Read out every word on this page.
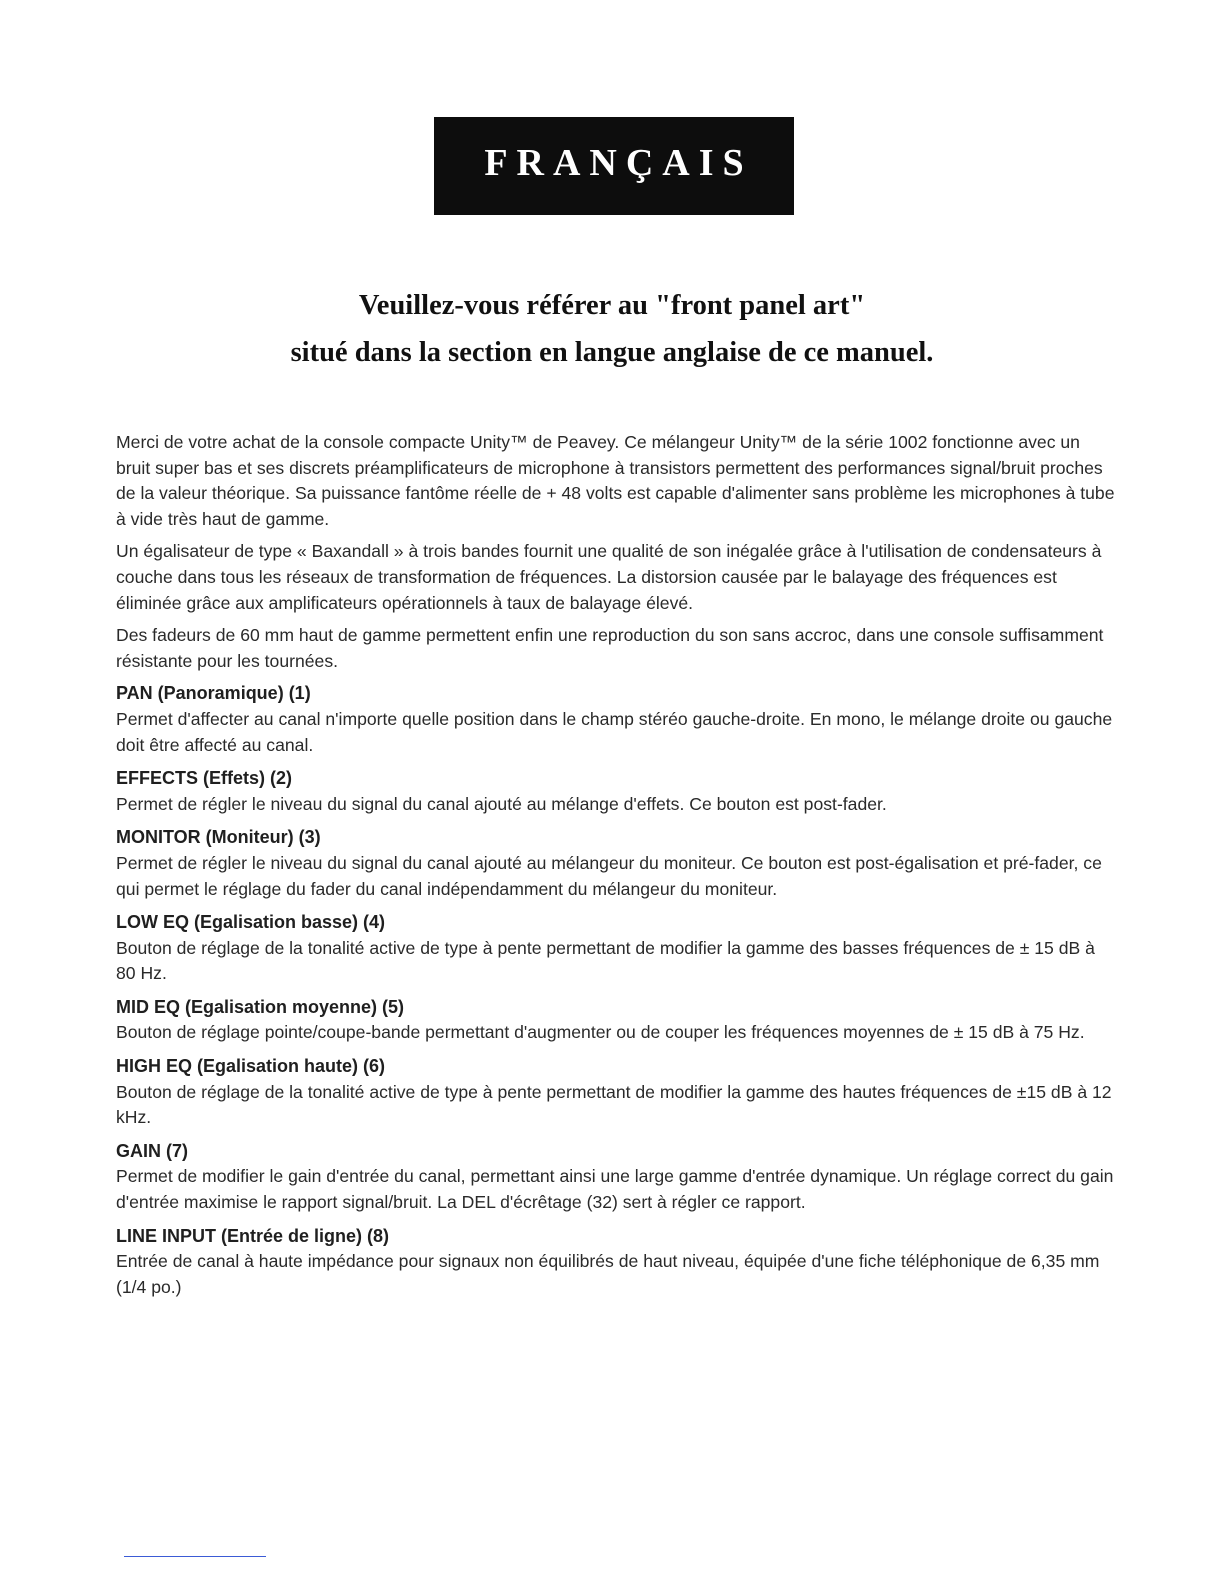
FRANÇAIS
Veuillez-vous référer au "front panel art"
situé dans la section en langue anglaise de ce manuel.

Merci de votre achat de la console compacte Unity™ de Peavey. Ce mélangeur Unity™ de la série 1002 fonctionne avec un bruit super bas et ses discrets préamplificateurs de microphone à transistors permettent des performances signal/bruit proches de la valeur théorique. Sa puissance fantôme réelle de + 48 volts est capable d'alimenter sans problème les microphones à tube à vide très haut de gamme.

Un égalisateur de type « Baxandall » à trois bandes fournit une qualité de son inégalée grâce à l'utilisation de condensateurs à couche dans tous les réseaux de transformation de fréquences. La distorsion causée par le balayage des fréquences est éliminée grâce aux amplificateurs opérationnels à taux de balayage élevé.

Des fadeurs de 60 mm haut de gamme permettent enfin une reproduction du son sans accroc, dans une console suffisamment résistante pour les tournées.

PAN (Panoramique) (1)

Permet d'affecter au canal n'importe quelle position dans le champ stéréo gauche-droite. En mono, le mélange droite ou gauche doit être affecté au canal.

EFFECTS (Effets) (2)

Permet de régler le niveau du signal du canal ajouté au mélange d'effets. Ce bouton est post-fader.

MONITOR (Moniteur) (3)

Permet de régler le niveau du signal du canal ajouté au mélangeur du moniteur. Ce bouton est post-égalisation et pré-fader, ce qui permet le réglage du fader du canal indépendamment du mélangeur du moniteur.

LOW EQ (Egalisation basse) (4)

Bouton de réglage de la tonalité active de type à pente permettant de modifier la gamme des basses fréquences de ± 15 dB à 80 Hz.

MID EQ (Egalisation moyenne) (5)

Bouton de réglage pointe/coupe-bande permettant d'augmenter ou de couper les fréquences moyennes de ± 15 dB à 75 Hz.

HIGH EQ (Egalisation haute) (6)

Bouton de réglage de la tonalité active de type à pente permettant de modifier la gamme des hautes fréquences de ±15 dB à 12 kHz.

GAIN (7)

Permet de modifier le gain d'entrée du canal, permettant ainsi une large gamme d'entrée dynamique. Un réglage correct du gain d'entrée maximise le rapport signal/bruit. La DEL d'écrêtage (32) sert à régler ce rapport.

LINE INPUT (Entrée de ligne) (8)

Entrée de canal à haute impédance pour signaux non équilibrés de haut niveau, équipée d'une fiche téléphonique de 6,35 mm (1/4 po.)
